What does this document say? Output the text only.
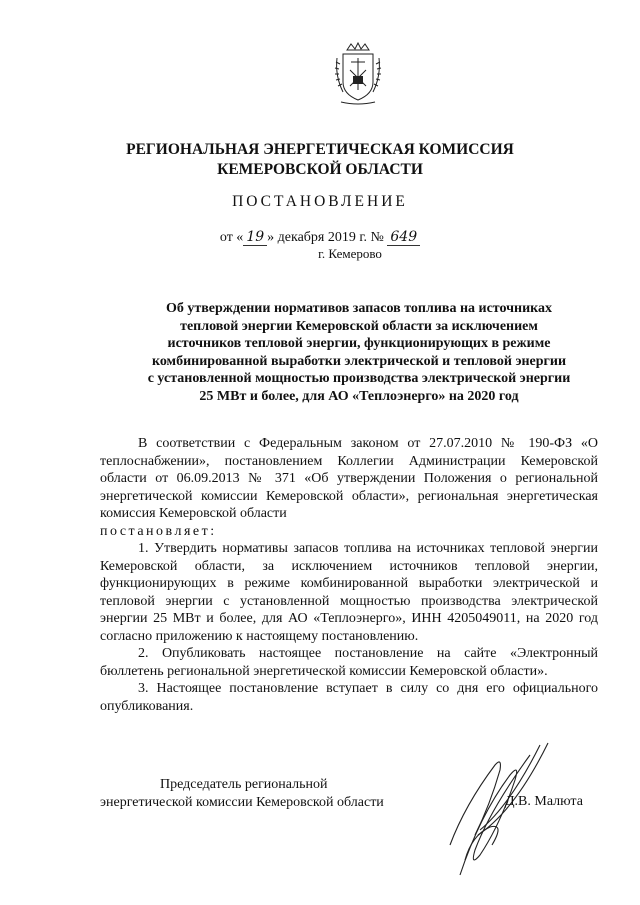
РЕГИОНАЛЬНАЯ ЭНЕРГЕТИЧЕСКАЯ КОМИССИЯ
КЕМЕРОВСКОЙ ОБЛАСТИ
ПОСТАНОВЛЕНИЕ
от « 19 » декабря 2019 г. № 649
г. Кемерово
Об утверждении нормативов запасов топлива на источниках
тепловой энергии Кемеровской области за исключением
источников тепловой энергии, функционирующих в режиме
комбинированной выработки электрической и тепловой энергии
с установленной мощностью производства электрической энергии
25 МВт и более, для АО «Теплоэнерго» на 2020 год

В соответствии с Федеральным законом от 27.07.2010 № 190-ФЗ «О теплоснабжении», постановлением Коллегии Администрации Кемеровской области от 06.09.2013 № 371 «Об утверждении Положения о региональной энергетической комиссии Кемеровской области», региональная энергетическая комиссия Кемеровской области

постановляет:

1. Утвердить нормативы запасов топлива на источниках тепловой энергии Кемеровской области, за исключением источников тепловой энергии, функционирующих в режиме комбинированной выработки электрической и тепловой энергии с установленной мощностью производства электрической энергии 25 МВт и более, для АО «Теплоэнерго», ИНН 4205049011, на 2020 год согласно приложению к настоящему постановлению.

2. Опубликовать настоящее постановление на сайте «Электронный бюллетень региональной энергетической комиссии Кемеровской области».

3. Настоящее постановление вступает в силу со дня его официального опубликования.

Председатель региональной
энергетической комиссии Кемеровской области	Д.В. Малюта
